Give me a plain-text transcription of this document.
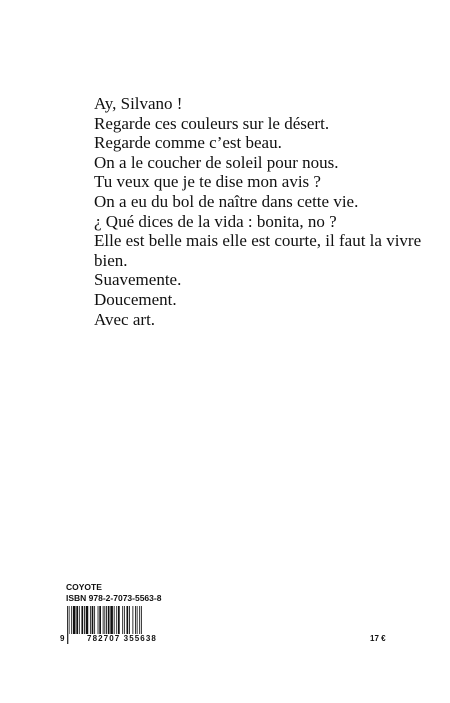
Ay, Silvano !
Regarde ces couleurs sur le désert.
Regarde comme c’est beau.
On a le coucher de soleil pour nous.
Tu veux que je te dise mon avis ?
On a eu du bol de naître dans cette vie.
¿ Qué dices de la vida : bonita, no ?
Elle est belle mais elle est courte, il faut la vivre bien.
Suavemente.
Doucement.
Avec art.
COYOTE
ISBN 978-2-7073-5563-8
9	782707 355638	17 €
